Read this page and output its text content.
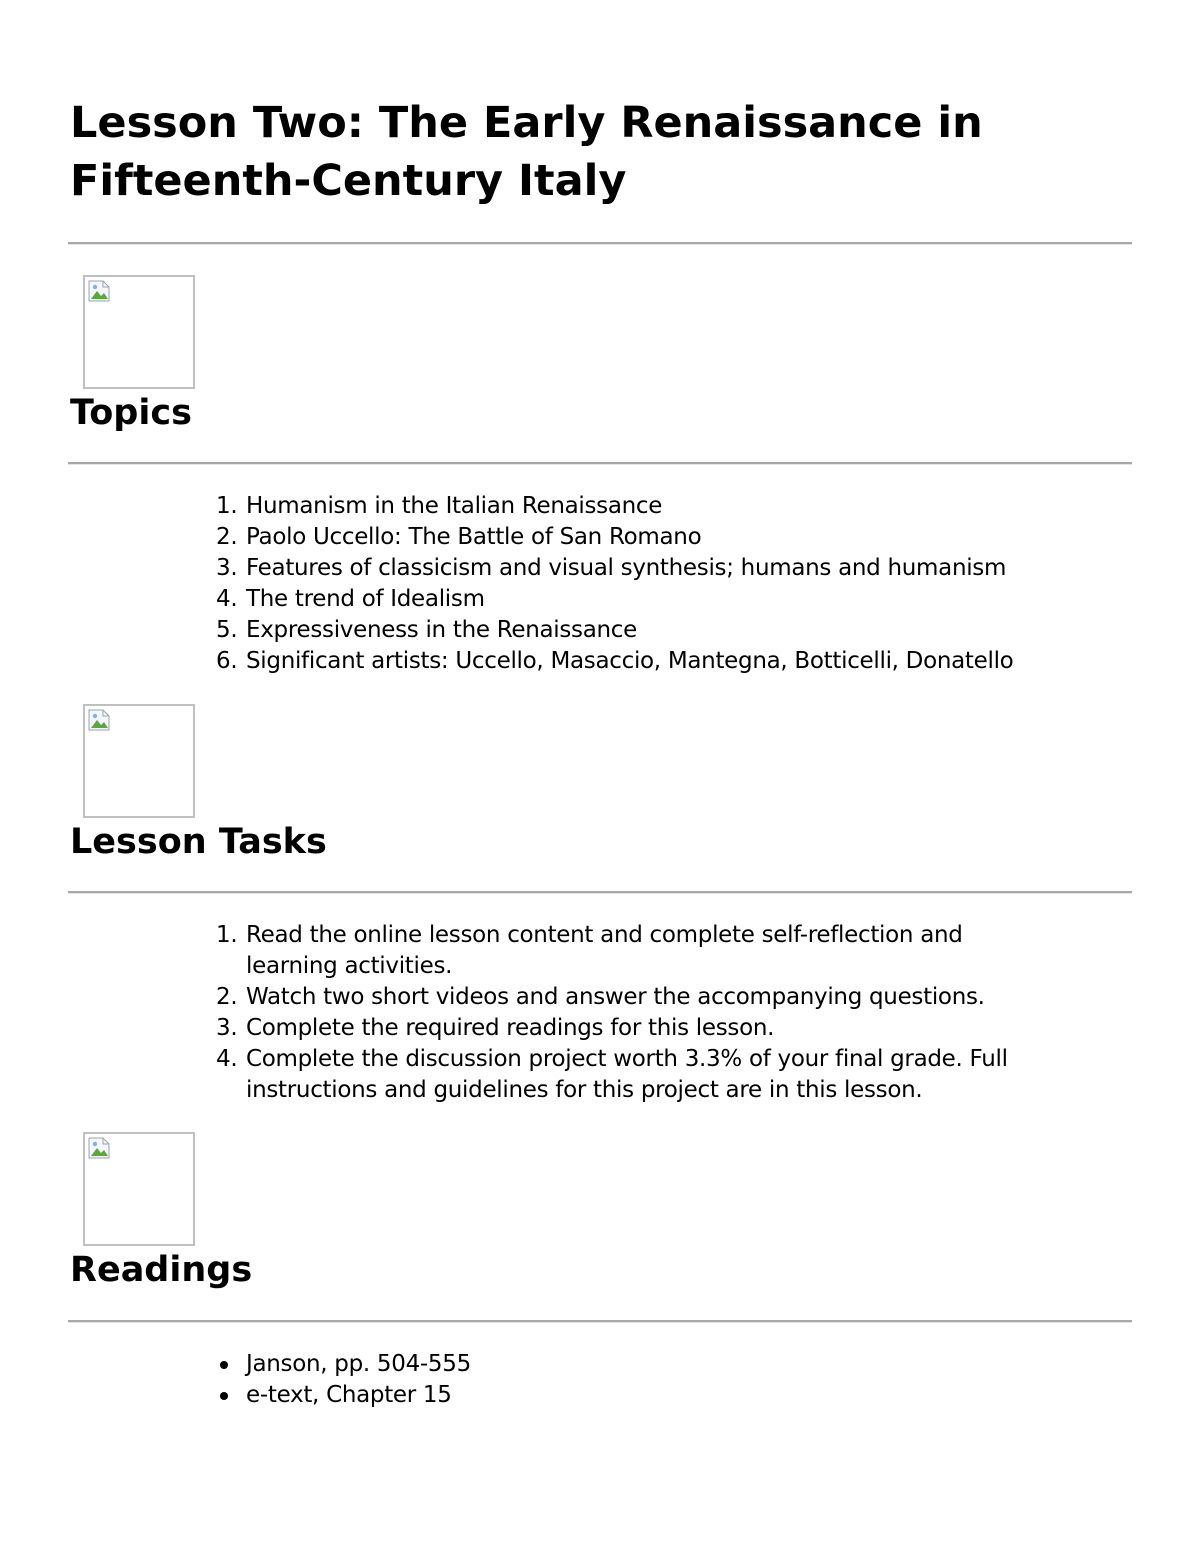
Lesson Two: The Early Renaissance in
Fifteenth-Century Italy
Topics
1. Humanism in the Italian Renaissance
2. Paolo Uccello: The Battle of San Romano
3. Features of classicism and visual synthesis; humans and humanism
4. The trend of Idealism
5. Expressiveness in the Renaissance
6. Significant artists: Uccello, Masaccio, Mantegna, Botticelli, Donatello
Lesson Tasks
1. Read the online lesson content and complete self-reflection and learning activities.
2. Watch two short videos and answer the accompanying questions.
3. Complete the required readings for this lesson.
4. Complete the discussion project worth 3.3% of your final grade. Full instructions and guidelines for this project are in this lesson.
Readings
Janson, pp. 504-555
e-text, Chapter 15
